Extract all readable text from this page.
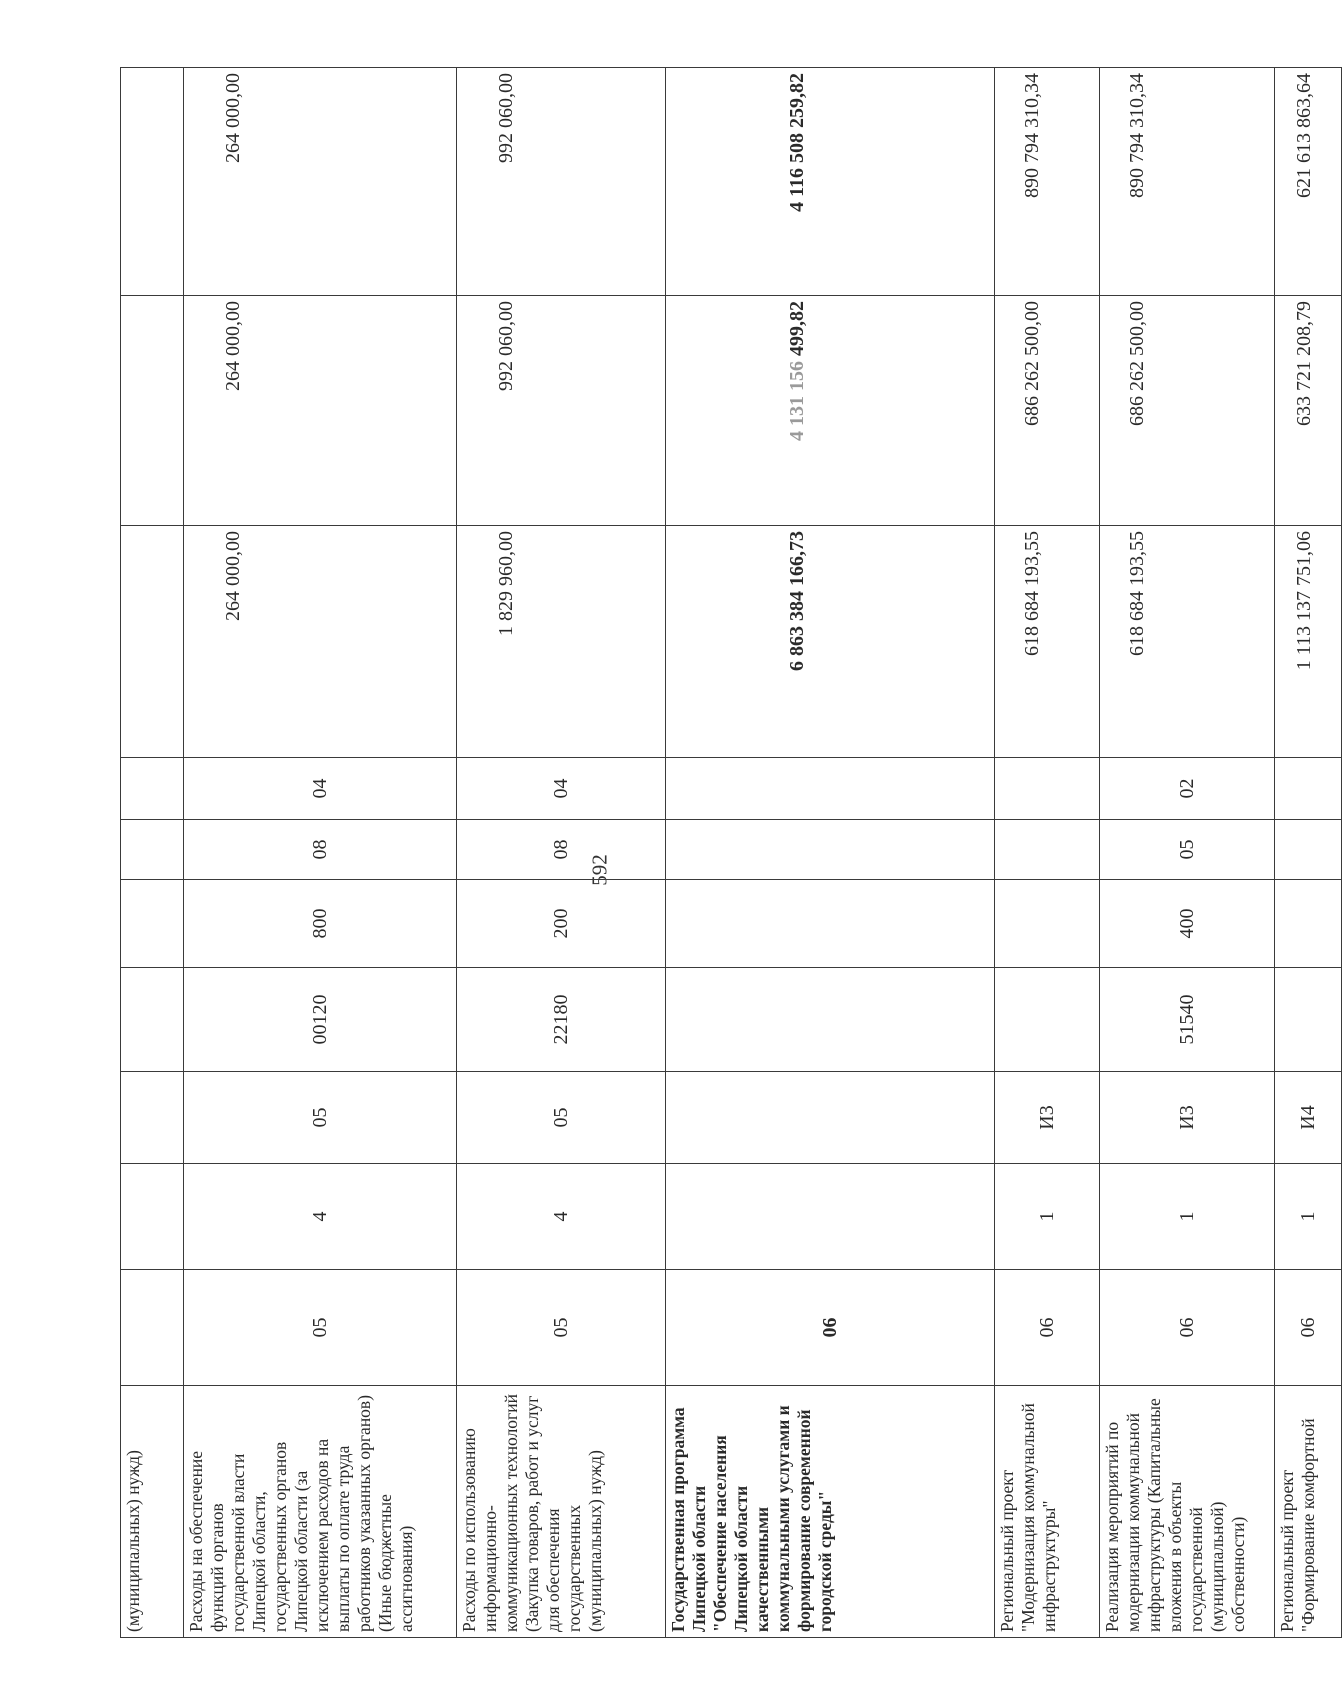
592
(муниципальных) нужд)										
Расходы на обеспечение функций органов государственной власти Липецкой области, государственных органов Липецкой области (за исключением расходов на выплаты по оплате труда работников указанных органов) (Иные бюджетные ассигнования)	05	4	05	00120	800	08	04	264 000,00	264 000,00	264 000,00
Расходы по использованию информационно-коммуникационных технологий (Закупка товаров, работ и услуг для обеспечения государственных (муниципальных) нужд)	05	4	05	22180	200	08	04	1 829 960,00	992 060,00	992 060,00
Государственная программа Липецкой области "Обеспечение населения Липецкой области качественными коммунальными услугами и формирование современной городской среды"	06							6 863 384 166,73	4 131 156 499,82	4 116 508 259,82
Региональный проект "Модернизация коммунальной инфраструктуры"	06	1	И3					618 684 193,55	686 262 500,00	890 794 310,34
Реализация мероприятий по модернизации коммунальной инфраструктуры (Капитальные вложения в объекты государственной (муниципальной) собственности)	06	1	И3	51540	400	05	02	618 684 193,55	686 262 500,00	890 794 310,34
Региональный проект "Формирование комфортной	06	1	И4					1 113 137 751,06	633 721 208,79	621 613 863,64
